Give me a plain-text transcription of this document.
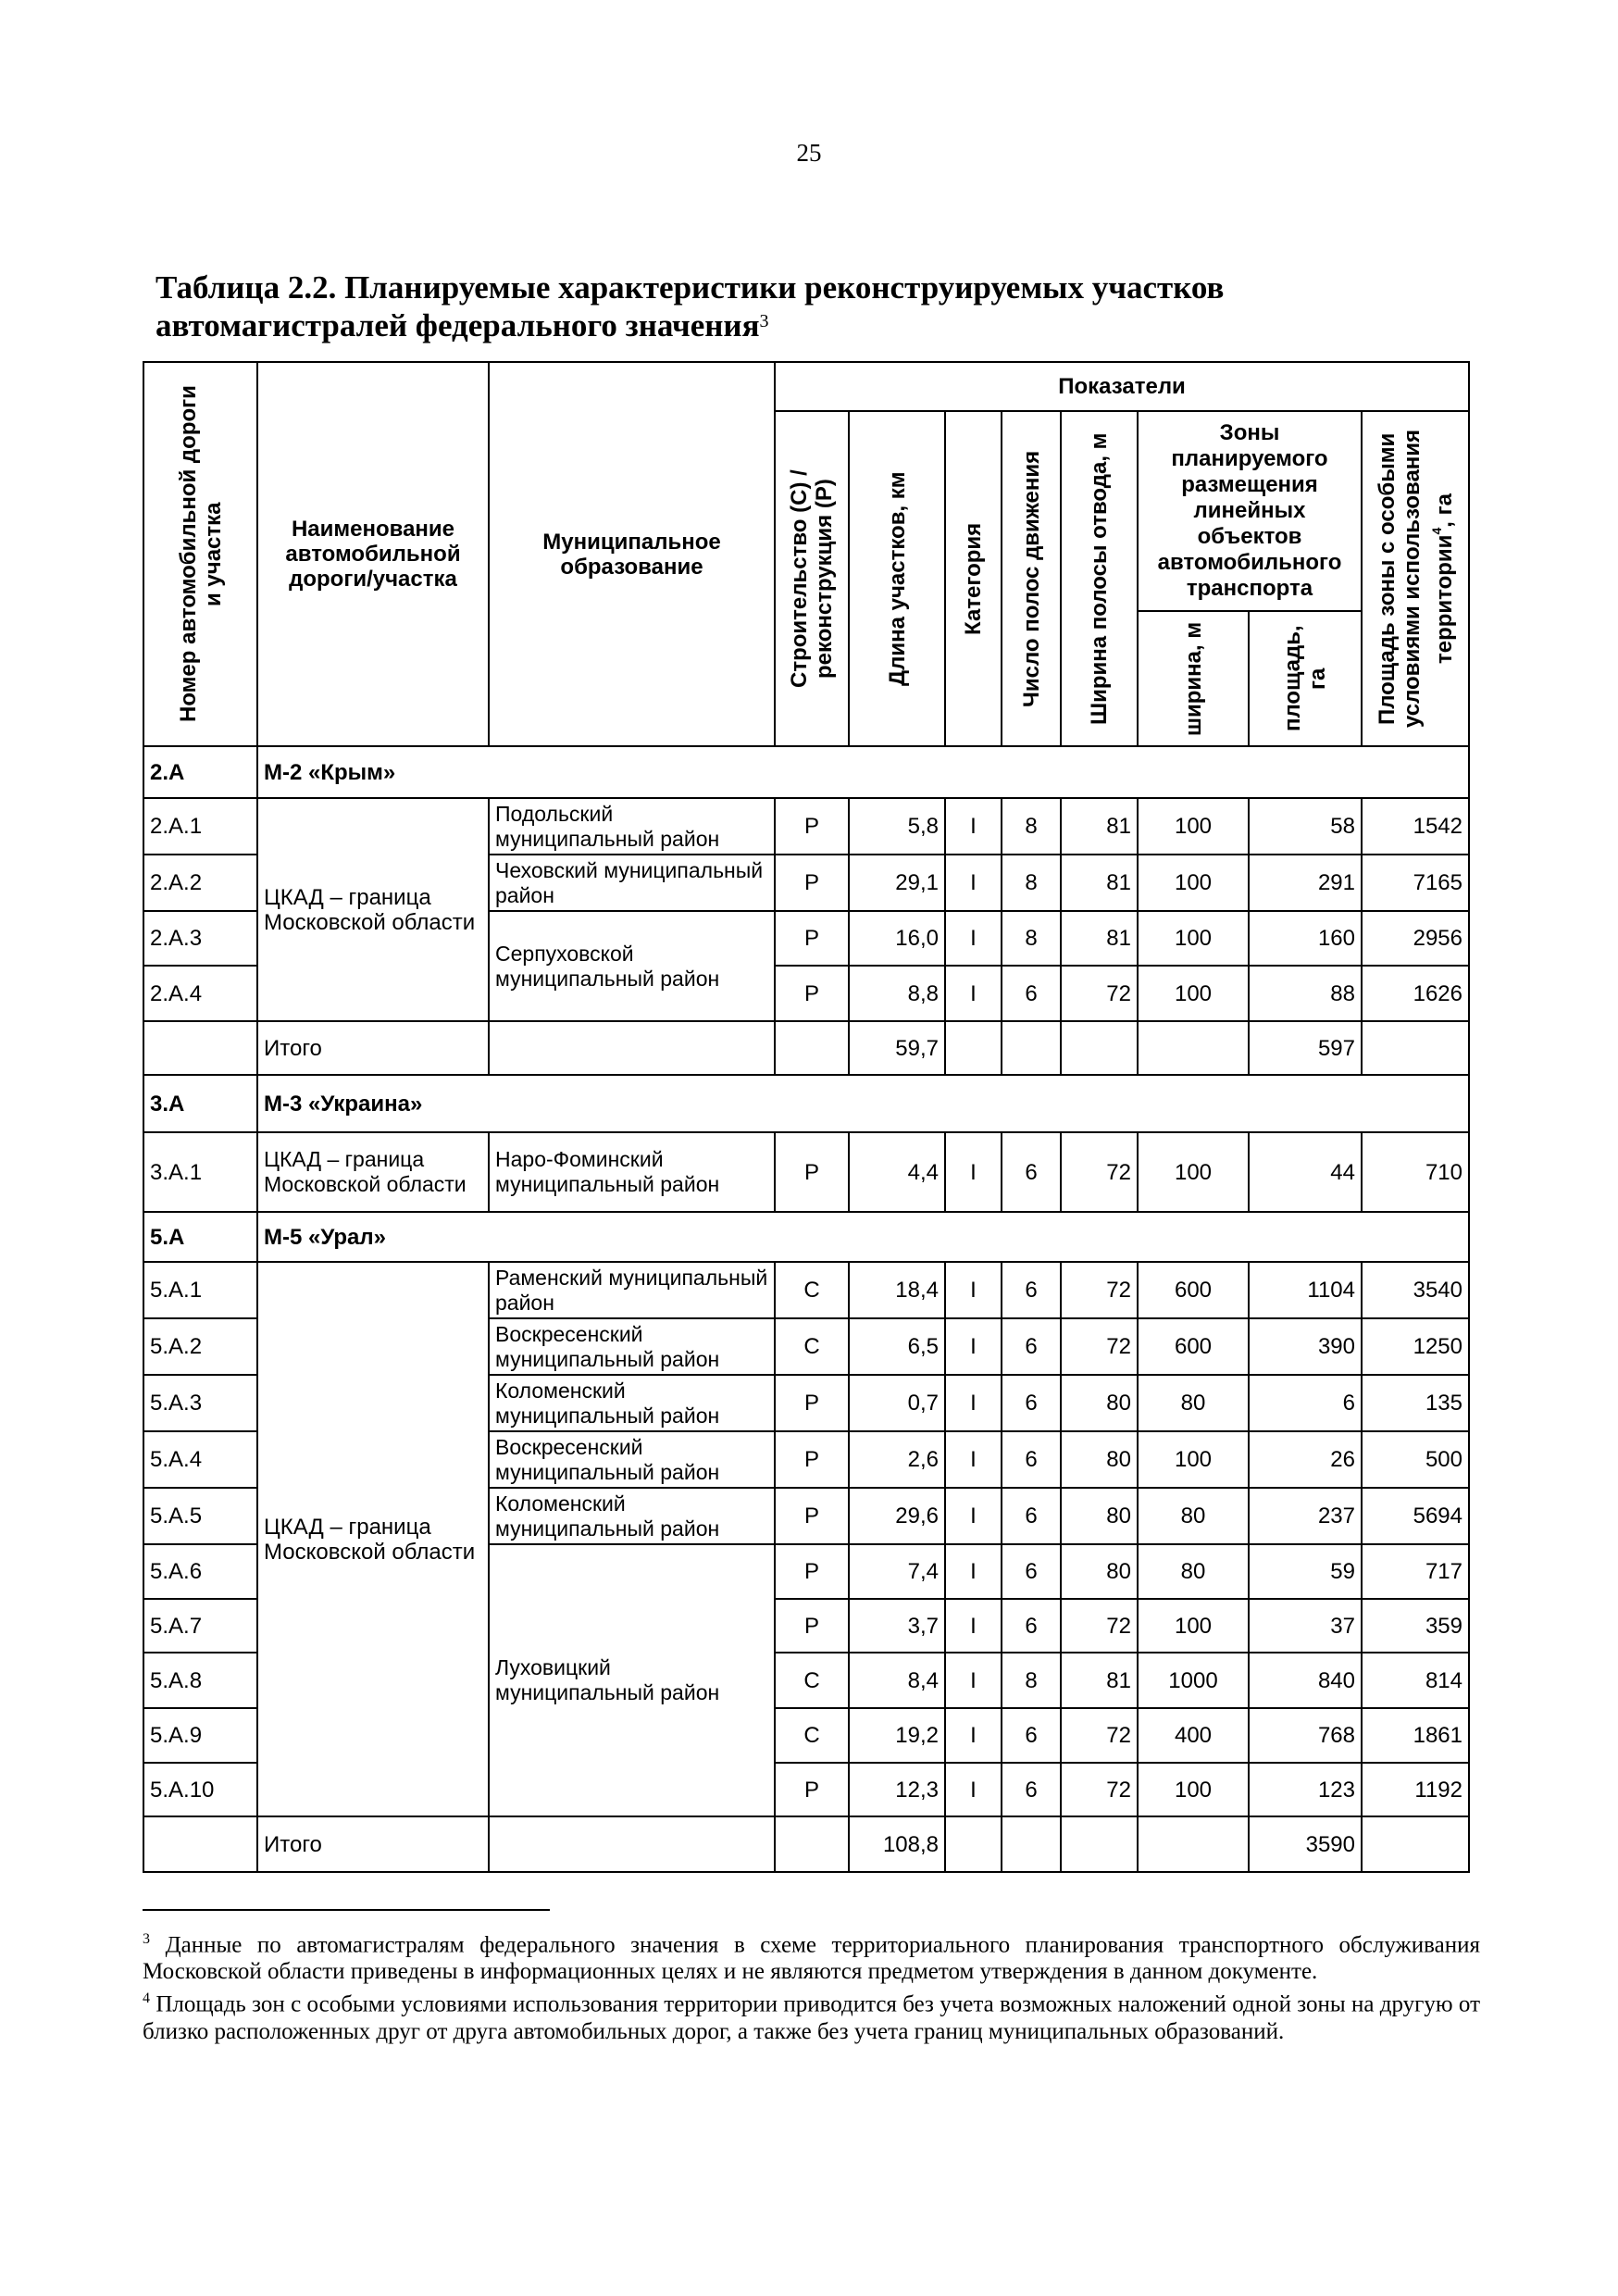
25
Таблица 2.2. Планируемые характеристики реконструируемых участков
автомагистралей федерального значения$^3$
Номер автомобильной дороги и участка	Наименование автомобильной дороги/участка	Муниципальное образование	Показатели							

			Строительство (С) / реконструкция (Р)	Длина участков, км	Категория	Число полос движения	Ширина полосы отвода, м	Зоны планируемого размещения линейных объектов автомобильного транспорта		Площадь зоны с особыми условиями использования территории$^4$, га

								ширина, м	площадь, га	

2.А	М-2 «Крым»									
2.А.1	ЦКАД – граница Московской области	Подольский муниципальный район	Р	5,8	I	8	81	100	58	1542
2.А.2		Чеховский муниципальный район	Р	29,1	I	8	81	100	291	7165
2.А.3		Серпуховской муниципальный район	Р	16,0	I	8	81	100	160	2956
2.А.4			Р	8,8	I	6	72	100	88	1626
	Итого			59,7					597	
3.А	М-3 «Украина»									
3.А.1	ЦКАД – граница Московской области	Наро-Фоминский муниципальный район	Р	4,4	I	6	72	100	44	710
5.А	М-5 «Урал»									
5.А.1	ЦКАД – граница Московской области	Раменский муниципальный район	С	18,4	I	6	72	600	1104	3540
5.А.2		Воскресенский муниципальный район	С	6,5	I	6	72	600	390	1250
5.А.3		Коломенский муниципальный район	Р	0,7	I	6	80	80	6	135
5.А.4		Воскресенский муниципальный район	Р	2,6	I	6	80	100	26	500
5.А.5		Коломенский муниципальный район	Р	29,6	I	6	80	80	237	5694
5.А.6		Луховицкий муниципальный район	Р	7,4	I	6	80	80	59	717
5.А.7			Р	3,7	I	6	72	100	37	359
5.А.8			С	8,4	I	8	81	1000	840	814
5.А.9			С	19,2	I	6	72	400	768	1861
5.А.10			Р	12,3	I	6	72	100	123	1192
	Итого			108,8					3590	

$^3$ Данные по автомагистралям федерального значения в схеме территориального планирования транспортного обслуживания Московской области приведены в информационных целях и не являются предметом утверждения в данном документе.

$^4$ Площадь зон с особыми условиями использования территории приводится без учета возможных наложений одной зоны на другую от близко расположенных друг от друга автомобильных дорог, а также без учета границ муниципальных образований.
